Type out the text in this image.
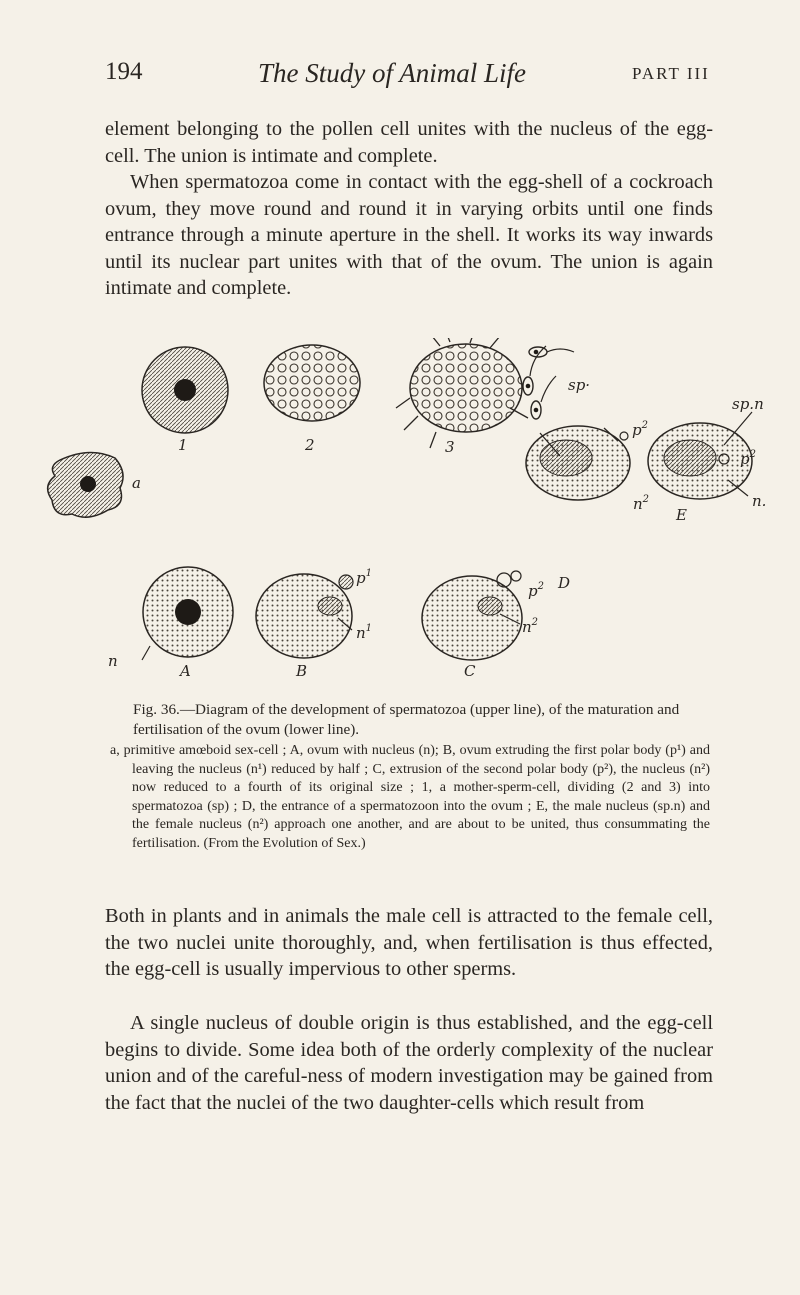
194	The Study of Animal Life	PART III

element belonging to the pollen cell unites with the nucleus of the egg-cell. The union is intimate and complete.

When spermatozoa come in contact with the egg-shell of a cockroach ovum, they move round and round it in varying orbits until one finds entrance through a minute aperture in the shell. It works its way inwards until its nuclear part unites with that of the ovum. The union is again intimate and complete.

1	2	3
sp·
$p^2$
$n^2$
a
sp.n
$p^2$
n.
E
n
A
$p^1$
$n^1$
B
$p^2$
$n^2$
D
C

Fig. 36.—Diagram of the development of spermatozoa (upper line), of the maturation and fertilisation of the ovum (lower line).

a, primitive amœboid sex-cell ; A, ovum with nucleus (n); B, ovum extruding the first polar body (p¹) and leaving the nucleus (n¹) reduced by half ; C, extrusion of the second polar body (p²), the nucleus (n²) now reduced to a fourth of its original size ; 1, a mother-sperm-cell, dividing (2 and 3) into spermatozoa (sp) ; D, the entrance of a spermatozoon into the ovum ; E, the male nucleus (sp.n) and the female nucleus (n²) approach one another, and are about to be united, thus consummating the fertilisation. (From the Evolution of Sex.)

Both in plants and in animals the male cell is attracted to the female cell, the two nuclei unite thoroughly, and, when fertilisation is thus effected, the egg-cell is usually impervious to other sperms.

A single nucleus of double origin is thus established, and the egg-cell begins to divide. Some idea both of the orderly complexity of the nuclear union and of the careful-ness of modern investigation may be gained from the fact that the nuclei of the two daughter-cells which result from
